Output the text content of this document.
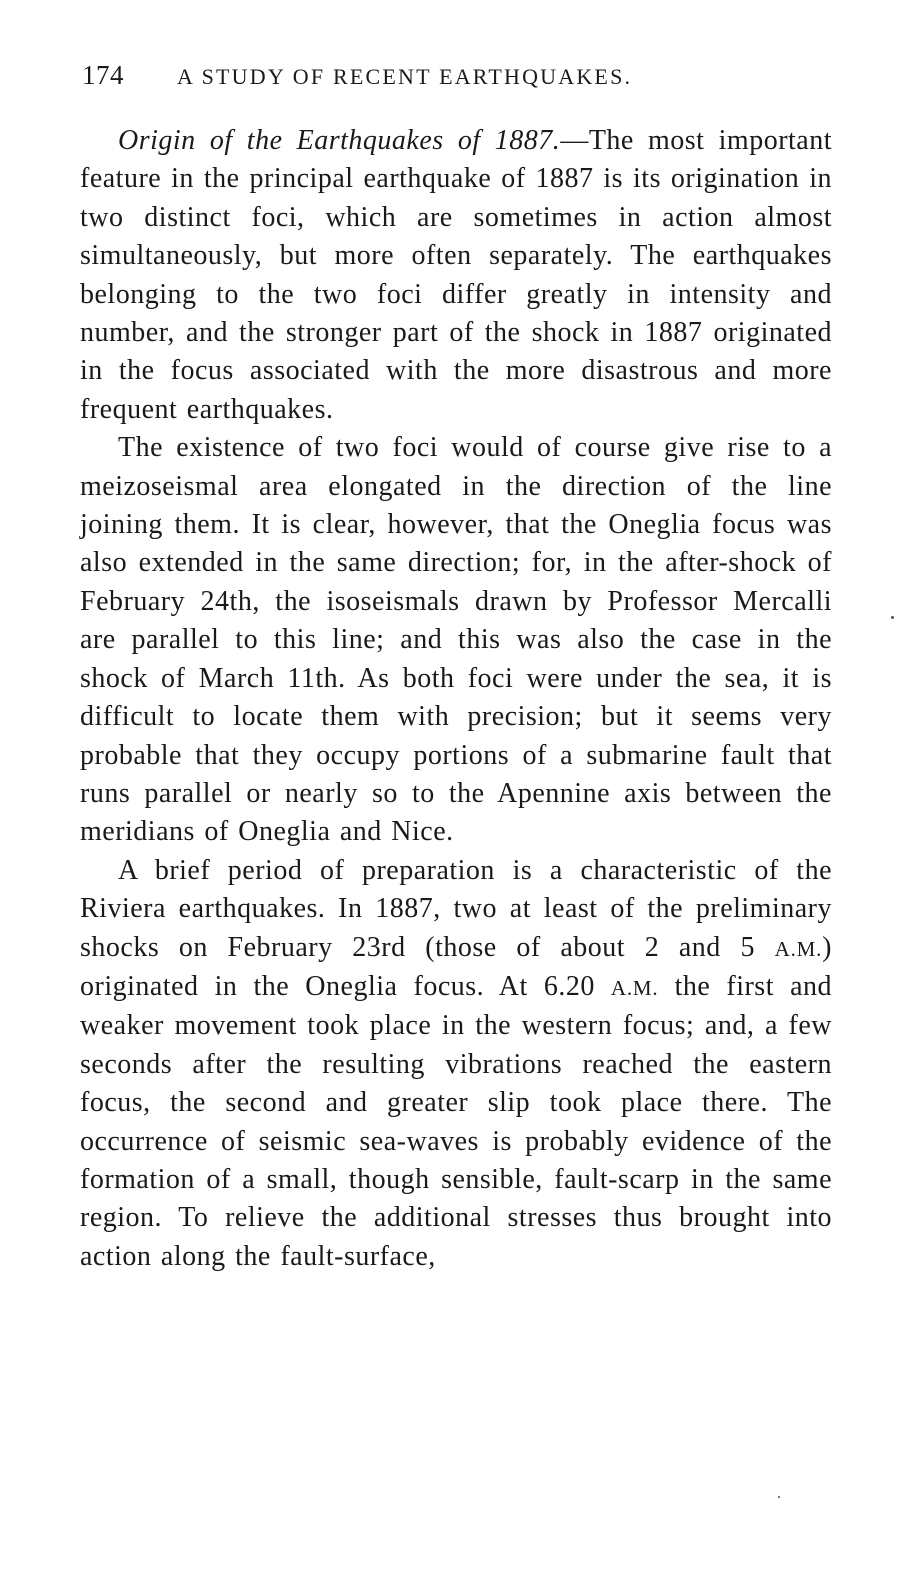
174	A STUDY OF RECENT EARTHQUAKES.

Origin of the Earthquakes of 1887.—The most important feature in the principal earthquake of 1887 is its origination in two distinct foci, which are sometimes in action almost simultaneously, but more often separately. The earthquakes belonging to the two foci differ greatly in intensity and number, and the stronger part of the shock in 1887 originated in the focus associated with the more disastrous and more frequent earthquakes.

The existence of two foci would of course give rise to a meizoseismal area elongated in the direction of the line joining them. It is clear, however, that the Oneglia focus was also extended in the same direction; for, in the after-shock of February 24th, the isoseismals drawn by Professor Mercalli are parallel to this line; and this was also the case in the shock of March 11th. As both foci were under the sea, it is difficult to locate them with precision; but it seems very probable that they occupy portions of a submarine fault that runs parallel or nearly so to the Apennine axis between the meridians of Oneglia and Nice.

A brief period of preparation is a characteristic of the Riviera earthquakes. In 1887, two at least of the preliminary shocks on February 23rd (those of about 2 and 5 A.M.) originated in the Oneglia focus. At 6.20 A.M. the first and weaker movement took place in the western focus; and, a few seconds after the resulting vibrations reached the eastern focus, the second and greater slip took place there. The occurrence of seismic sea-waves is probably evidence of the formation of a small, though sensible, fault-scarp in the same region. To relieve the additional stresses thus brought into action along the fault-surface,
